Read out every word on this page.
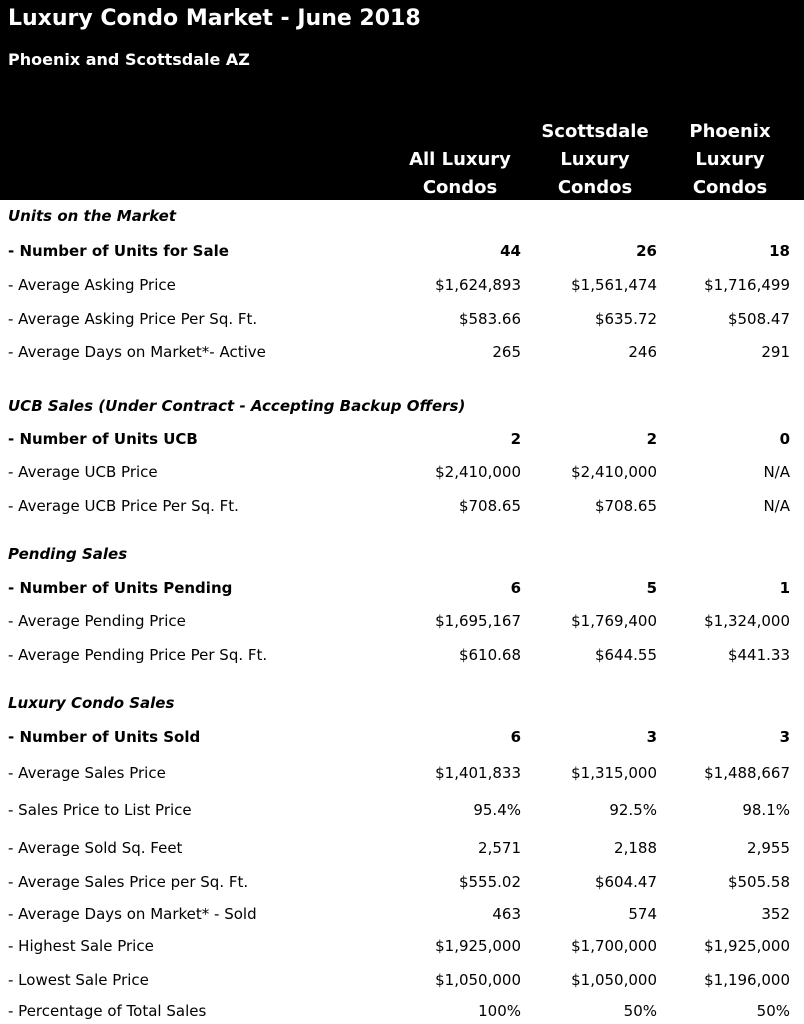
Luxury Condo Market - June 2018
Phoenix and Scottsdale AZ
All Luxury
Condos
Scottsdale
Luxury
Condos
Phoenix
Luxury
Condos
Units on the Market
- Number of Units for Sale	44	26	18
- Average Asking Price	$1,624,893	$1,561,474	$1,716,499
- Average Asking Price Per Sq. Ft.	$583.66	$635.72	$508.47
- Average Days on Market*- Active	265	246	291
UCB Sales (Under Contract - Accepting Backup Offers)
- Number of Units UCB	2	2	0
- Average UCB Price	$2,410,000	$2,410,000	N/A
- Average UCB Price Per Sq. Ft.	$708.65	$708.65	N/A
Pending Sales
- Number of Units Pending	6	5	1
- Average Pending Price	$1,695,167	$1,769,400	$1,324,000
- Average Pending Price Per Sq. Ft.	$610.68	$644.55	$441.33
Luxury Condo Sales
- Number of Units Sold	6	3	3
- Average Sales Price	$1,401,833	$1,315,000	$1,488,667
- Sales Price to List Price	95.4%	92.5%	98.1%
- Average Sold Sq. Feet	2,571	2,188	2,955
- Average Sales Price per Sq. Ft.	$555.02	$604.47	$505.58
- Average Days on Market* - Sold	463	574	352
- Highest Sale Price	$1,925,000	$1,700,000	$1,925,000
- Lowest Sale Price	$1,050,000	$1,050,000	$1,196,000
- Percentage of Total Sales	100%	50%	50%
